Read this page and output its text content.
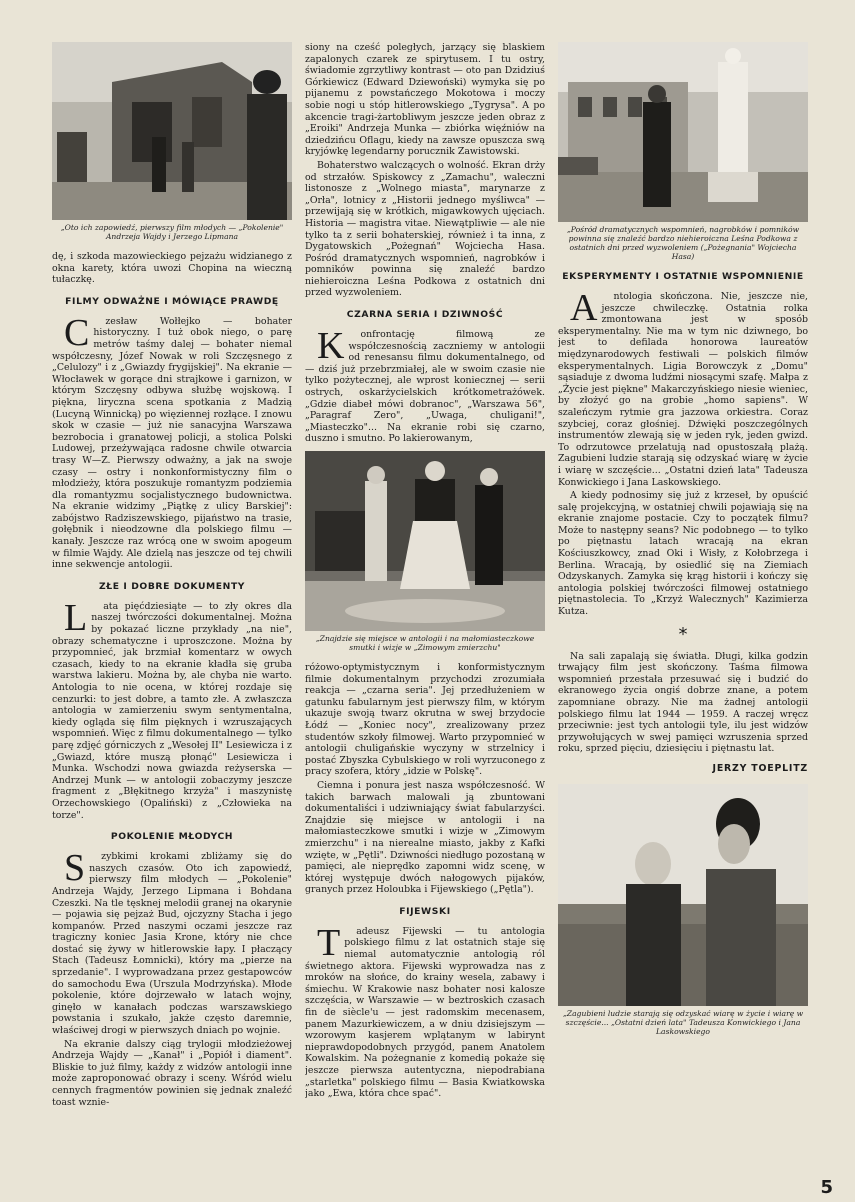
„Oto ich zapowiedź, pierwszy film młodych — „Pokolenie" Andrzeja Wajdy i Jerzego Lipmana

dę, i szkoda mazowieckiego pejzażu widzianego z okna karety, która uwozi Chopina na wieczną tułaczkę.

FILMY ODWAŻNE I MÓWIĄCE PRAWDĘ

C zesław Wołłejko — bohater historyczny. I tuż obok niego, o parę metrów taśmy dalej — bohater niemal współczesny, Józef Nowak w roli Szczęsnego z „Celulozy" i z „Gwiazdy frygijskiej". Na ekranie — Włocławek w gorące dni strajkowe i garnizon, w którym Szczęsny odbywa służbę wojskową. I piękna, liryczna scena spotkania z Madzią (Lucyną Winnicką) po więziennej rozłące. I znowu skok w czasie — już nie sanacyjna Warszawa bezrobocia i granatowej policji, a stolica Polski Ludowej, przeżywająca radosne chwile otwarcia trasy W—Z. Pierwszy odważny, a jak na swoje czasy — ostry i nonkonformistyczny film o młodzieży, która poszukuje romantyzm podziemia dla romantyzmu socjalistycznego budownictwa. Na ekranie widzimy „Piątkę z ulicy Barskiej": zabójstwo Radziszewskiego, pijaństwo na trasie, gołębnik i nieodzowne dla polskiego filmu — kanały. Jeszcze raz wrócą one w swoim apogeum w filmie Wajdy. Ale dzielą nas jeszcze od tej chwili inne sekwencje antologii.

ZŁE I DOBRE DOKUMENTY

L ata pięćdziesiąte — to zły okres dla naszej twórczości dokumentalnej. Można by pokazać liczne przykłady „na nie", obrazy schematyczne i uproszczone. Można by przypomnieć, jak brzmiał komentarz w owych czasach, kiedy to na ekranie kładła się gruba warstwa lakieru. Można by, ale chyba nie warto. Antologia to nie ocena, w której rozdaje się cenzurki: to jest dobre, a tamto złe. A zwłaszcza antologia w zamierzeniu swym sentymentalna, kiedy ogląda się film pięknych i wzruszających wspomnień. Więc z filmu dokumentalnego — tylko parę zdjęć górniczych z „Wesołej II" Lesiewicza i z „Gwiazd, które muszą płonąć" Lesiewicza i Munka. Wschodzi nowa gwiazda reżyserska — Andrzej Munk — w antologii zobaczymy jeszcze fragment z „Błękitnego krzyża" i maszynistę Orzechowskiego (Opaliński) z „Człowieka na torze".

POKOLENIE MŁODYCH

S zybkimi krokami zbliżamy się do naszych czasów. Oto ich zapowiedź, pierwszy film młodych — „Pokolenie" Andrzeja Wajdy, Jerzego Lipmana i Bohdana Czeszki. Na tle tęsknej melodii granej na okarynie — pojawia się pejzaż Bud, ojczyzny Stacha i jego kompanów. Przed naszymi oczami jeszcze raz tragiczny koniec Jasia Krone, który nie chce dostać się żywy w hitlerowskie łapy. I płaczący Stach (Tadeusz Łomnicki), który ma „pierze na sprzedanie". I wyprowadzana przez gestapowców do samochodu Ewa (Urszula Modrzyńska). Młode pokolenie, które dojrzewało w latach wojny, ginęło w kanałach podczas warszawskiego powstania i szukało, jakże często daremnie, właściwej drogi w pierwszych dniach po wojnie.

Na ekranie dalszy ciąg trylogii młodzieżowej Andrzeja Wajdy — „Kanał" i „Popiół i diament". Bliskie to już filmy, każdy z widzów antologii inne może zaproponować obrazy i sceny. Wśród wielu cennych fragmentów powinien się jednak znaleźć toast wznie-

siony na cześć poległych, jarzący się blaskiem zapalonych czarek ze spirytusem. I tu ostry, świadomie zgrzytliwy kontrast — oto pan Dzidziuś Górkiewicz (Edward Dziewoński) wymyka się po pijanemu z powstańczego Mokotowa i moczy sobie nogi u stóp hitlerowskiego „Tygrysa". A po akcencie tragi-żartobliwym jeszcze jeden obraz z „Eroiki" Andrzeja Munka — zbiórka więźniów na dziedzińcu Oflagu, kiedy na zawsze opuszcza swą kryjówkę legendarny porucznik Zawistowski.

Bohaterstwo walczących o wolność. Ekran drży od strzałów. Spiskowcy z „Zamachu", waleczni listonosze z „Wolnego miasta", marynarze z „Orła", lotnicy z „Historii jednego myśliwca" — przewijają się w krótkich, migawkowych ujęciach. Historia — magistra vitae. Niewątpliwie — ale nie tylko ta z serii bohaterskiej, również i ta inna, z Dygatowskich „Pożegnań" Wojciecha Hasa. Pośród dramatycznych wspomnień, nagrobków i pomników powinna się znaleźć bardzo niehieroiczna Leśna Podkowa z ostatnich dni przed wyzwoleniem.

CZARNA SERIA I DZIWNOŚĆ

K onfrontację filmową ze współczesnością zaczniemy w antologii od renesansu filmu dokumentalnego, od — dziś już przebrzmiałej, ale w swoim czasie nie tylko pożytecznej, ale wprost koniecznej — serii ostrych, oskarżycielskich krótkometrażówek. „Gdzie diabeł mówi dobranoc", „Warszawa 56", „Paragraf Zero", „Uwaga, chuligani!", „Miasteczko"... Na ekranie robi się czarno, duszno i smutno. Po lakierowanym,

„Znajdzie się miejsce w antologii i na małomiasteczkowe smutki i wizje w „Zimowym zmierzchu"

różowo-optymistycznym i konformistycznym filmie dokumentalnym przychodzi zrozumiała reakcja — „czarna seria". Jej przedłużeniem w gatunku fabularnym jest pierwszy film, w którym ukazuje swoją twarz okrutna w swej brzydocie Łódź — „Koniec nocy", zrealizowany przez studentów szkoły filmowej. Warto przypomnieć w antologii chuligańskie wyczyny w strzelnicy i postać Zbyszka Cybulskiego w roli wyrzuconego z pracy szofera, który „idzie w Polskę".

Ciemna i ponura jest nasza współczesność. W takich barwach malowali ją zbuntowani dokumentaliści i udziwniający świat fabularzyści. Znajdzie się miejsce w antologii i na małomiasteczkowe smutki i wizje w „Zimowym zmierzchu" i na nierealne miasto, jakby z Kafki wzięte, w „Pętli". Dziwności niedługo pozostaną w pamięci, ale nieprędko zapomni widz scenę, w której występuje dwóch nałogowych pijaków, granych przez Holoubka i Fijewskiego („Pętla").

FIJEWSKI

T adeusz Fijewski — tu antologia polskiego filmu z lat ostatnich staje się niemal automatycznie antologią ról świetnego aktora. Fijewski wyprowadza nas z mroków na słońce, do krainy wesela, zabawy i śmiechu. W Krakowie nasz bohater nosi kalosze szczęścia, w Warszawie — w beztroskich czasach fin de siècle'u — jest radomskim mecenasem, panem Mazurkiewiczem, a w dniu dzisiejszym — wzorowym kasjerem wplątanym w labirynt nieprawdopodobnych przygód, panem Anatolem Kowalskim. Na pożegnanie z komedią pokaże się jeszcze pierwsza autentyczna, niepodrabiana „starletka" polskiego filmu — Basia Kwiatkowska jako „Ewa, która chce spać".

„Pośród dramatycznych wspomnień, nagrobków i pomników powinna się znaleźć bardzo niehieroiczna Leśna Podkowa z ostatnich dni przed wyzwoleniem („Pożegnania" Wojciecha Hasa)
EKSPERYMENTY I OSTATNIE WSPOMNIENIE

A ntologia skończona. Nie, jeszcze nie, jeszcze chwileczkę. Ostatnia rolka zmontowana jest w sposób eksperymentalny. Nie ma w tym nic dziwnego, bo jest to defilada honorowa laureatów międzynarodowych festiwali — polskich filmów eksperymentalnych. Ligia Borowczyk z „Domu" sąsiaduje z dwoma ludźmi niosącymi szafę. Małpa z „Życie jest piękne" Makarczyńskiego niesie wieniec, by złożyć go na grobie „homo sapiens". W szaleńczym rytmie gra jazzowa orkiestra. Coraz szybciej, coraz głośniej. Dźwięki poszczególnych instrumentów zlewają się w jeden ryk, jeden gwizd. To odrzutowce przelatują nad opustoszałą plażą. Zagubieni ludzie starają się odzyskać wiarę w życie i wiarę w szczęście... „Ostatni dzień lata" Tadeusza Konwickiego i Jana Laskowskiego.

A kiedy podnosimy się już z krzeseł, by opuścić salę projekcyjną, w ostatniej chwili pojawiają się na ekranie znajome postacie. Czy to początek filmu? Może to następny seans? Nic podobnego — to tylko po piętnastu latach wracają na ekran Kościuszkowcy, znad Oki i Wisły, z Kołobrzega i Berlina. Wracają, by osiedlić się na Ziemiach Odzyskanych. Zamyka się krąg historii i kończy się antologia polskiej twórczości filmowej ostatniego piętnastolecia. To „Krzyż Walecznych" Kazimierza Kutza.

*

Na sali zapalają się światła. Długi, kilka godzin trwający film jest skończony. Taśma filmowa wspomnień przestała przesuwać się i budzić do ekranowego życia ongiś dobrze znane, a potem zapomniane obrazy. Nie ma żadnej antologii polskiego filmu lat 1944 — 1959. A raczej wręcz przeciwnie: jest tych antologii tyle, ilu jest widzów przywołujących w swej pamięci wzruszenia sprzed roku, sprzed pięciu, dziesięciu i piętnastu lat.

JERZY TOEPLITZ
„Zagubieni ludzie starają się odzyskać wiarę w życie i wiarę w szczęście... „Ostatni dzień lata" Tadeusza Konwickiego i Jana Laskowskiego
5
